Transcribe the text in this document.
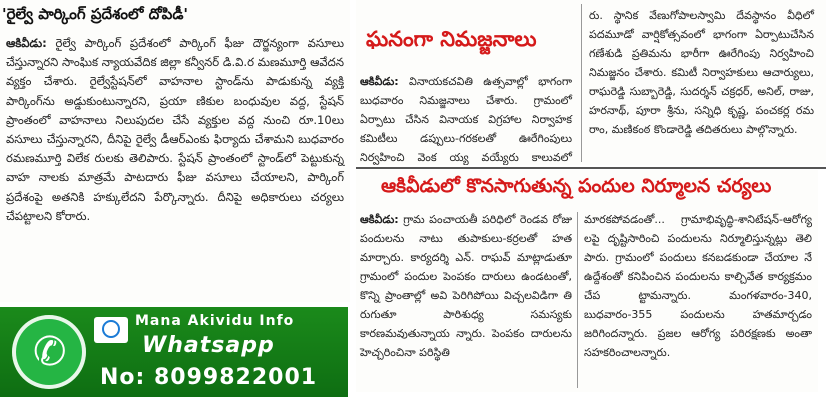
'రైల్వే పార్కింగ్ ప్రదేశంలో దోపిడీ'
ఆకివీడు: రైల్వే పార్కింగ్ ప్రదేశంలో పార్కింగ్ ఫీజు దౌర్జన్యంగా వసూలు చేస్తున్నారని సాంఘిక న్యాయవేదిక జిల్లా కన్వీనర్ డి.వి.ర మణమూర్తి ఆవేదన వ్యక్తం చేశారు. రైల్వేస్టేషన్‌లో వాహనాల స్టాండ్‌ను పాడుకున్న వ్యక్తి పార్కింగ్‌ను అడ్డుకుంటున్నారని, ప్రయా ణికుల బంధువుల వద్ద, స్టేషన్ ప్రాంతంలో వాహనాలు నిలుపుదల చేసే వ్యక్తుల వద్ద నుంచి రూ.10లు వసూలు చేస్తున్నారని, దీనిపై రైల్వే డీఆర్‌ఎంకు ఫిర్యాదు చేశామని బుధవారం రమణమూర్తి విలేక రులకు తెలిపారు. స్టేషన్ ప్రాంతంలో స్టాండ్‌లో పెట్టుకున్న వాహ నాలకు మాత్రమే పాటదారు ఫీజు వసూలు చేయాలని, పార్కింగ్ ప్రదేశంపై అతనికి హక్కులేదని పేర్కొన్నారు. దీనిపై అధికారులు చర్యలు చేపట్టాలని కోరారు.
✆
Mana Akividu Info
Whatsapp
No: 8099822001
ఘనంగా నిమజ్జనాలు
ఆకివీడు: వినాయకచవితి ఉత్సవాల్లో భాగంగా బుధవారం నిమజ్జనాలు చేశారు. గ్రామంలో ఏర్పాటు చేసిన వినాయక విగ్రహాల నిర్వాహక కమిటీలు డప్పులు-గరకలతో ఊరేగింపులు నిర్వహించి వెంక య్య వయ్యేరు కాలువలో
రు. స్థానిక వేణుగోపాలస్వామి దేవస్థానం వీధిలో పదమూడో వార్షికోత్సవంలో భాగంగా ఏర్పాటుచేసిన గణేశుడి ప్రతిమను భారీగా ఊరేగింపు నిర్వహించి నిమజ్జనం చేశారు. కమిటీ నిర్వాహకులు ఆచార్యులు, రాఘరెడ్డి సుబ్బారెడ్డి, సుదర్శన్ చక్రధర్, అనిల్, రాజు, హరనాథ్, పూరా శ్రీను, సన్నిధి కృష్ణ, పంచకర్ల రమ రాం, మణికంఠ కొండారెడ్డి తదితరులు పాల్గొన్నారు.
ఆకివీడులో కొనసాగుతున్న పందుల నిర్మూలన చర్యలు
ఆకివీడు: గ్రామ పంచాయతీ పరిధిలో రెండవ రోజు పందులను నాటు తుపాకులు-కర్రలతో హత మార్చారు. కార్యదర్శి ఎన్. రాఘవ్ మాట్లాడుతూ గ్రామంలో పందుల పెంపకం దారులు ఉండటంతో, కొన్ని ప్రాంతాల్లో అవి పెరిగిపోయి విచ్చలవిడిగా తి రుగుతూ పారిశుధ్య సమస్యకు కారణమవుతున్నాయ న్నారు. పెంపకం దారులను హెచ్చరించినా పరిస్థితి
మారకపోవడంతో... గ్రామాభివృద్ధి-శానిటేషన్-ఆరోగ్య లపై దృష్టిసారించి పందులను నిర్మూలిస్తున్నట్లు తెలి పారు. గ్రామంలో పందులు కనబడకుండా చేయాల నే ఉద్దేశంతో కనిపించిన పందులను కాల్చివేత కార్యక్రమం చేప ట్టామన్నారు. మంగళవారం-340, బుధవారం-355 పందులను హతమార్చడం జరిగిందన్నారు. ప్రజల ఆరోగ్య పరిరక్షణకు అంతా సహకరించాలన్నారు.
